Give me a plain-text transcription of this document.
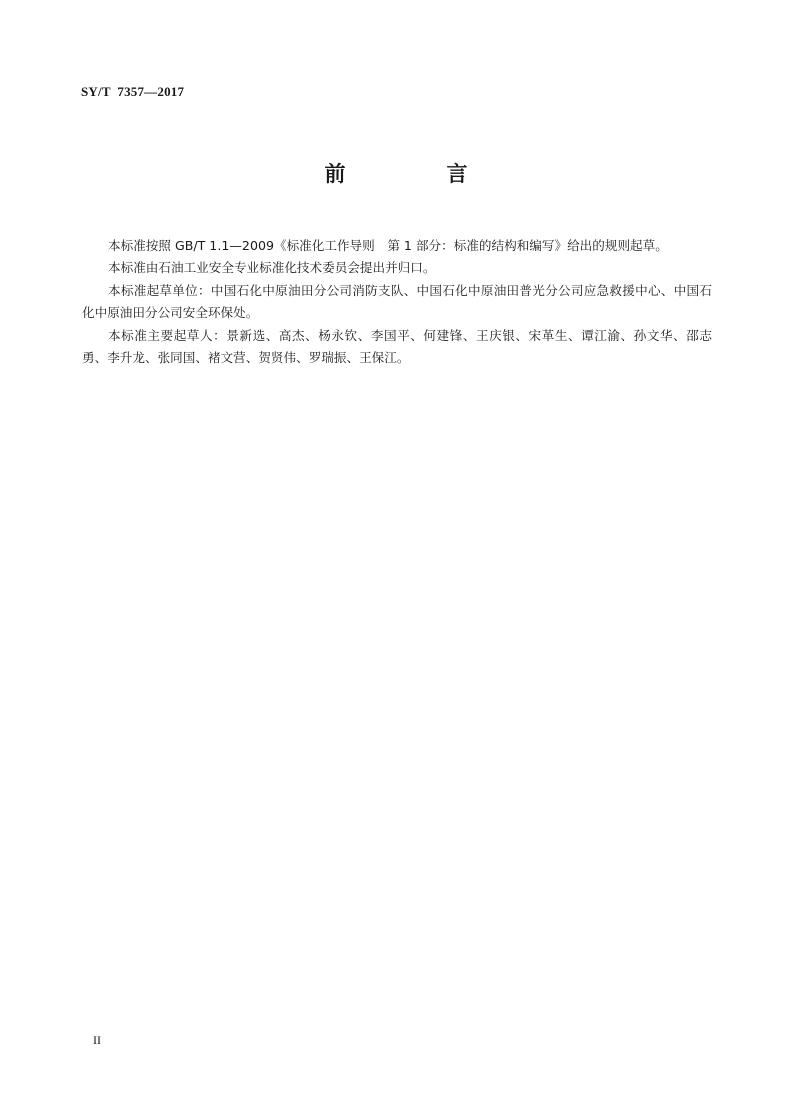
SY/T  7357—2017
前　言

本标准按照 GB/T 1.1—2009《标准化工作导则　第 1 部分：标准的结构和编写》给出的规则起草。

本标准由石油工业安全专业标准化技术委员会提出并归口。

本标准起草单位：中国石化中原油田分公司消防支队、中国石化中原油田普光分公司应急救援中心、中国石化中原油田分公司安全环保处。

本标准主要起草人：景新选、高杰、杨永钦、李国平、何建锋、王庆银、宋革生、谭江渝、孙文华、邵志勇、李升龙、张同国、褚文营、贺贤伟、罗瑞振、王保江。

II
